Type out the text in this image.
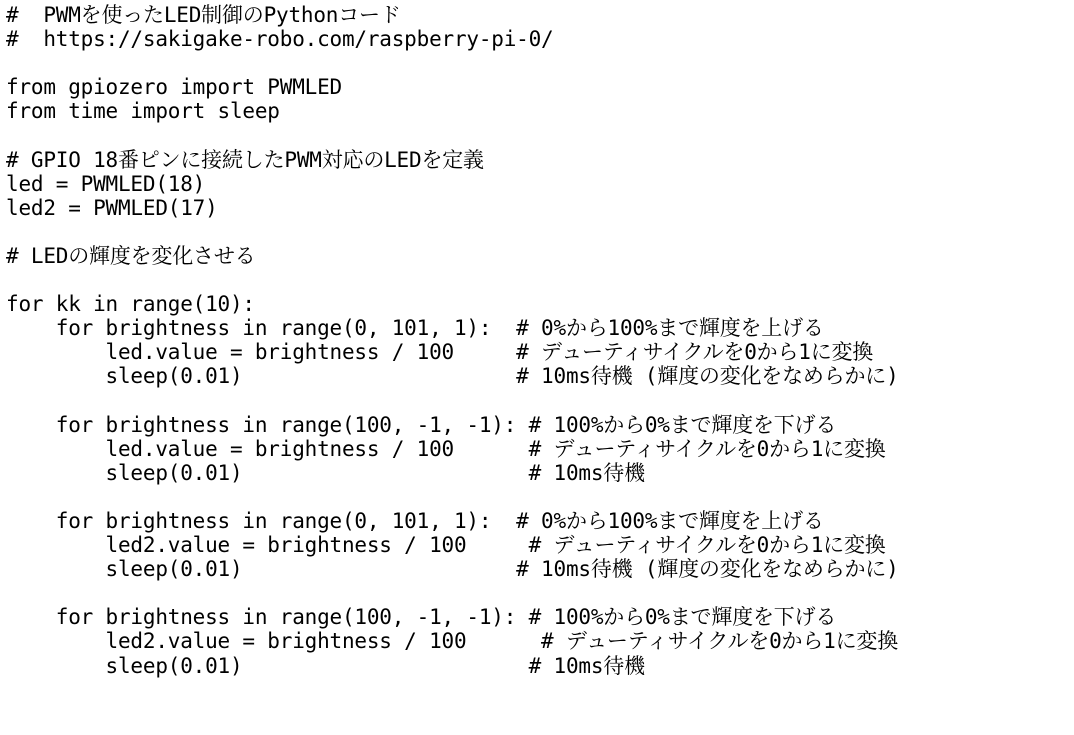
#  PWMを使ったLED制御のPythonコード
#  https://sakigake-robo.com/raspberry-pi-0/
from gpiozero import PWMLED
from time import sleep
# GPIO 18番ピンに接続したPWM対応のLEDを定義
led = PWMLED(18)
led2 = PWMLED(17)
# LEDの輝度を変化させる
for kk in range(10):
for brightness in range(0, 101, 1):  # 0%から100%まで輝度を上げる
led.value = brightness / 100     # デューティサイクルを0から1に変換
sleep(0.01)                      # 10ms待機 (輝度の変化をなめらかに)
for brightness in range(100, -1, -1): # 100%から0%まで輝度を下げる
led.value = brightness / 100      # デューティサイクルを0から1に変換
sleep(0.01)                       # 10ms待機
for brightness in range(0, 101, 1):  # 0%から100%まで輝度を上げる
led2.value = brightness / 100     # デューティサイクルを0から1に変換
sleep(0.01)                      # 10ms待機 (輝度の変化をなめらかに)
for brightness in range(100, -1, -1): # 100%から0%まで輝度を下げる
led2.value = brightness / 100      # デューティサイクルを0から1に変換
sleep(0.01)                       # 10ms待機
